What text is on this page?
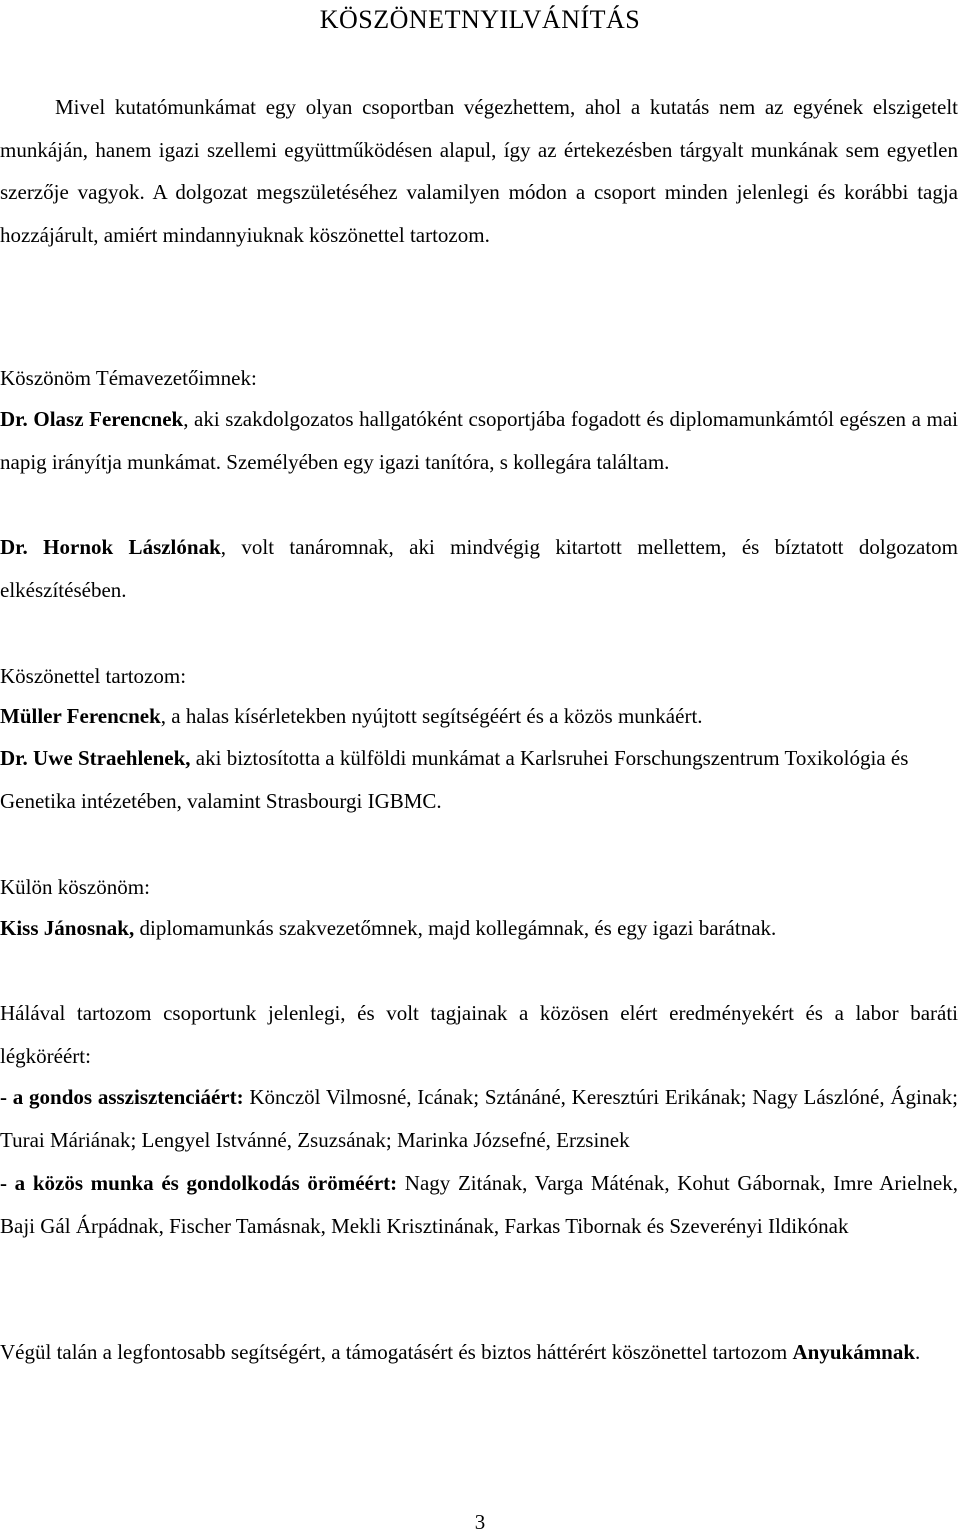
KÖSZÖNETNYILVÁNÍTÁS

Mivel kutatómunkámat egy olyan csoportban végezhettem, ahol a kutatás nem az egyének elszigetelt munkáján, hanem igazi szellemi együttműködésen alapul, így az értekezésben tárgyalt munkának sem egyetlen szerzője vagyok. A dolgozat megszületéséhez valamilyen módon a csoport minden jelenlegi és korábbi tagja hozzájárult, amiért mindannyiuknak köszönettel tartozom.

Köszönöm Témavezetőimnek:

Dr. Olasz Ferencnek, aki szakdolgozatos hallgatóként csoportjába fogadott és diplomamunkámtól egészen a mai napig irányítja munkámat. Személyében egy igazi tanítóra, s kollegára találtam.

Dr. Hornok Lászlónak, volt tanáromnak, aki mindvégig kitartott mellettem, és bíztatott dolgozatom elkészítésében.

Köszönettel tartozom:

Müller Ferencnek, a halas kísérletekben nyújtott segítségéért és a közös munkáért.

Dr. Uwe Straehlenek, aki biztosította a külföldi munkámat a Karlsruhei Forschungszentrum Toxikológia és Genetika intézetében, valamint Strasbourgi IGBMC.

Külön köszönöm:

Kiss Jánosnak, diplomamunkás szakvezetőmnek, majd kollegámnak, és egy igazi barátnak.

Hálával tartozom csoportunk jelenlegi, és volt tagjainak a közösen elért eredményekért és a labor baráti légköréért:

- a gondos asszisztenciáért: Könczöl Vilmosné, Icának; Sztánáné, Keresztúri Erikának; Nagy Lászlóné, Áginak; Turai Máriának; Lengyel Istvánné, Zsuzsának; Marinka Józsefné, Erzsinek

- a közös munka és gondolkodás öröméért: Nagy Zitának, Varga Máténak, Kohut Gábornak, Imre Arielnek, Baji Gál Árpádnak, Fischer Tamásnak, Mekli Krisztinának, Farkas Tibornak és Szeverényi Ildikónak

Végül talán a legfontosabb segítségért, a támogatásért és biztos háttérért köszönettel tartozom Anyukámnak.

3
